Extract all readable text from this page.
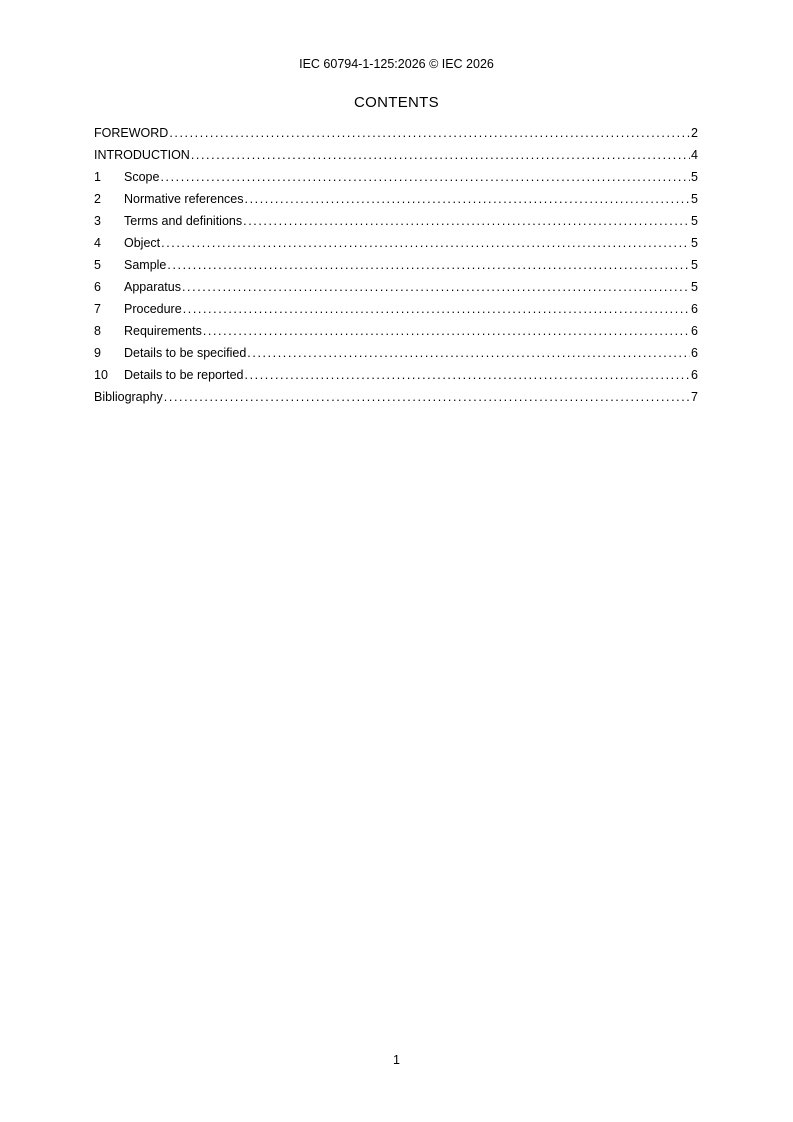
IEC 60794-1-125:2026 © IEC 2026
CONTENTS
FOREWORD .....	2
INTRODUCTION .....	4
1	Scope .....	5
2	Normative references .....	5
3	Terms and definitions .....	5
4	Object .....	5
5	Sample .....	5
6	Apparatus .....	5
7	Procedure .....	6
8	Requirements .....	6
9	Details to be specified .....	6
10	Details to be reported .....	6
Bibliography .....	7
1
